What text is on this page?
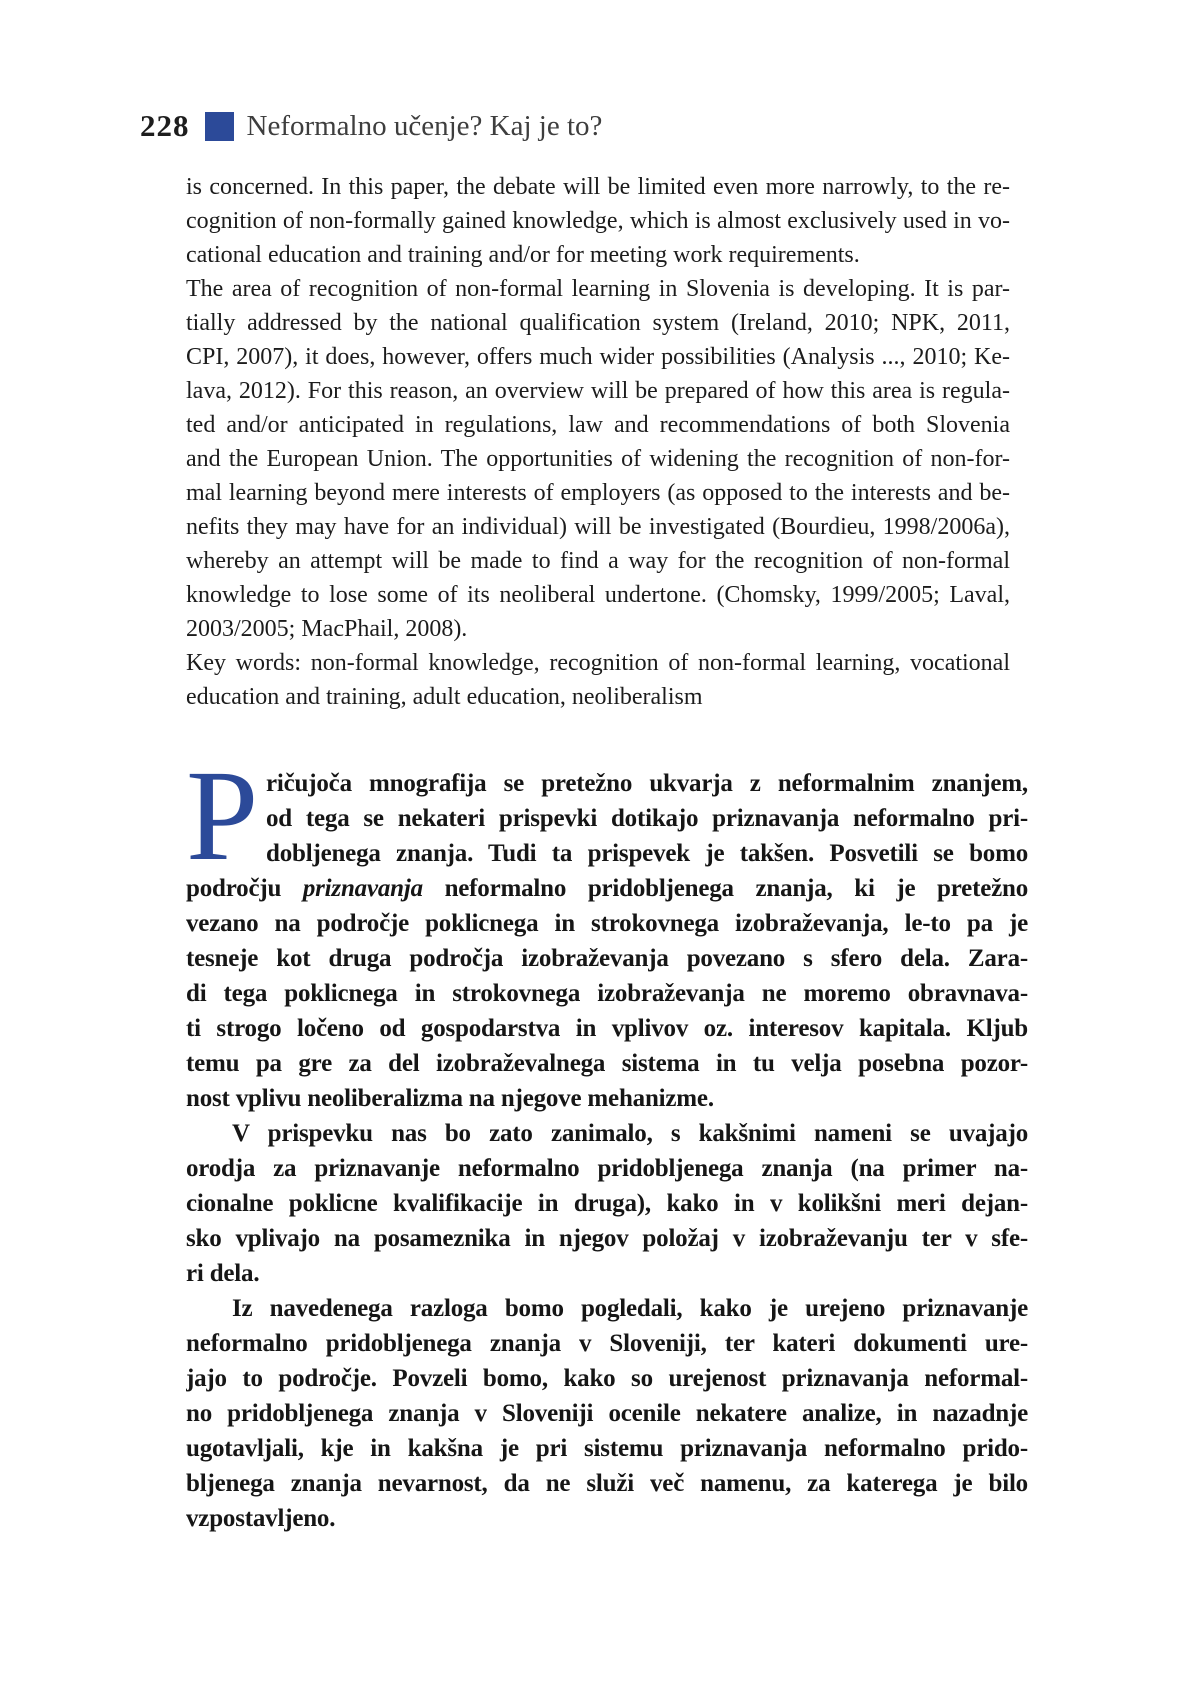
228 Neformalno učenje? Kaj je to?
is concerned. In this paper, the debate will be limited even more narrowly, to the re-
cognition of non-formally gained knowledge, which is almost exclusively used in vo-
cational education and training and/or for meeting work requirements.
The area of recognition of non-formal learning in Slovenia is developing. It is par-
tially addressed by the national qualification system (Ireland, 2010; NPK, 2011,
CPI, 2007), it does, however, offers much wider possibilities (Analysis ..., 2010; Ke-
lava, 2012). For this reason, an overview will be prepared of how this area is regula-
ted and/or anticipated in regulations, law and recommendations of both Slovenia
and the European Union. The opportunities of widening the recognition of non-for-
mal learning beyond mere interests of employers (as opposed to the interests and be-
nefits they may have for an individual) will be investigated (Bourdieu, 1998/2006a),
whereby an attempt will be made to find a way for the recognition of non-formal
knowledge to lose some of its neoliberal undertone. (Chomsky, 1999/2005; Laval,
2003/2005; MacPhail, 2008).
Key words: non-formal knowledge, recognition of non-formal learning, vocational
education and training, adult education, neoliberalism
P ričujoča mnografija se pretežno ukvarja z neformalnim znanjem,
od tega se nekateri prispevki dotikajo priznavanja neformalno pri-
dobljenega znanja. Tudi ta prispevek je takšen. Posvetili se bomo
področju priznavanja neformalno pridobljenega znanja, ki je pretežno
vezano na področje poklicnega in strokovnega izobraževanja, le-to pa je
tesneje kot druga področja izobraževanja povezano s sfero dela. Zara-
di tega poklicnega in strokovnega izobraževanja ne moremo obravnava-
ti strogo ločeno od gospodarstva in vplivov oz. interesov kapitala. Kljub
temu pa gre za del izobraževalnega sistema in tu velja posebna pozor-
nost vplivu neoliberalizma na njegove mehanizme.
V prispevku nas bo zato zanimalo, s kakšnimi nameni se uvajajo
orodja za priznavanje neformalno pridobljenega znanja (na primer na-
cionalne poklicne kvalifikacije in druga), kako in v kolikšni meri dejan-
sko vplivajo na posameznika in njegov položaj v izobraževanju ter v sfe-
ri dela.
Iz navedenega razloga bomo pogledali, kako je urejeno priznavanje
neformalno pridobljenega znanja v Sloveniji, ter kateri dokumenti ure-
jajo to področje. Povzeli bomo, kako so urejenost priznavanja neformal-
no pridobljenega znanja v Sloveniji ocenile nekatere analize, in nazadnje
ugotavljali, kje in kakšna je pri sistemu priznavanja neformalno prido-
bljenega znanja nevarnost, da ne služi več namenu, za katerega je bilo
vzpostavljeno.
